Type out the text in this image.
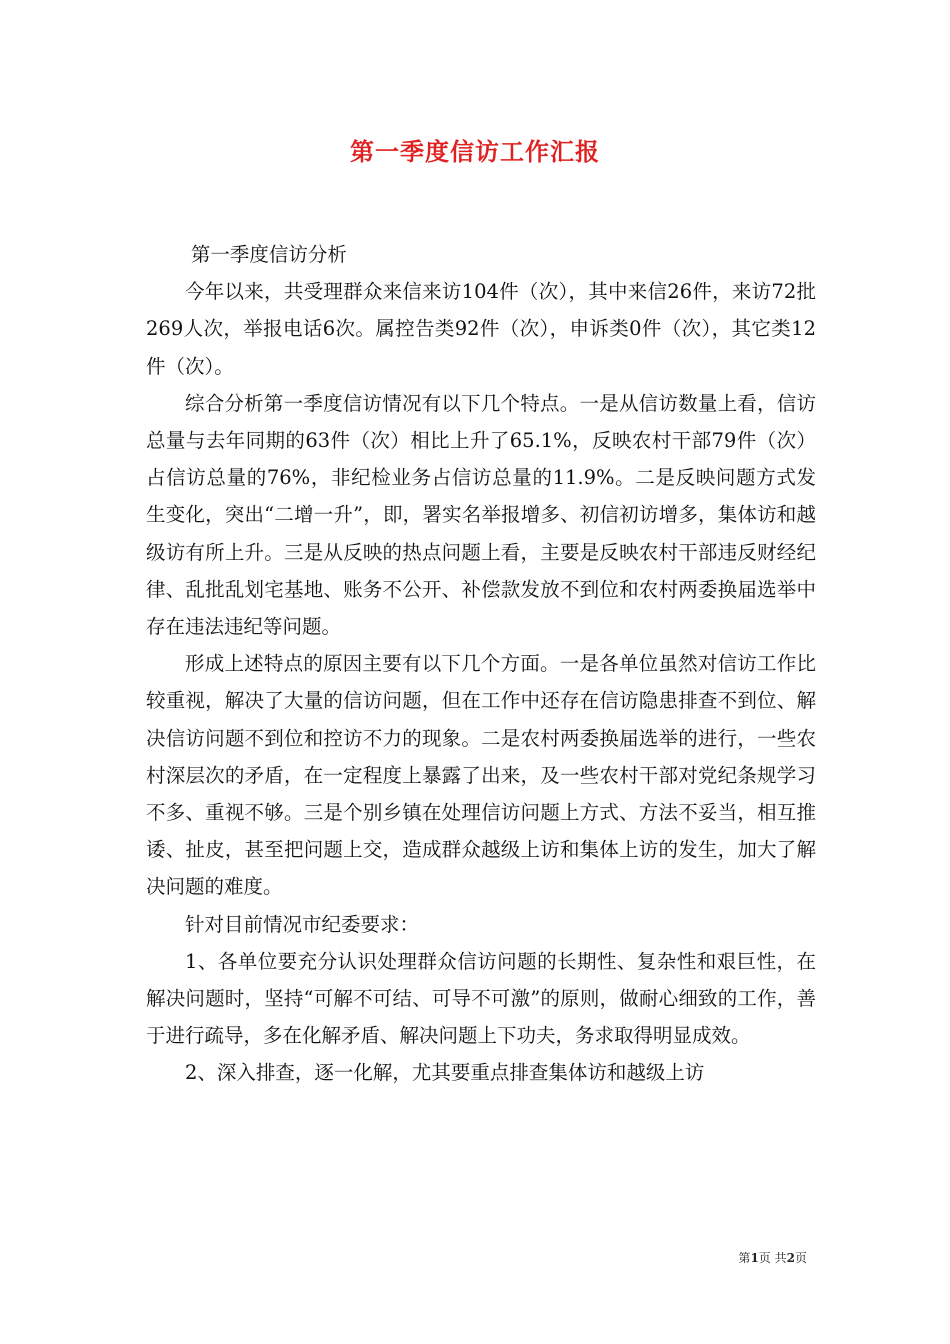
第一季度信访工作汇报

第一季度信访分析

今年以来，共受理群众来信来访104件（次），其中来信26件，来访72批269人次，举报电话6次。属控告类92件（次），申诉类0件（次），其它类12件（次）。

综合分析第一季度信访情况有以下几个特点。一是从信访数量上看，信访总量与去年同期的63件（次）相比上升了65.1%，反映农村干部79件（次）占信访总量的76%，非纪检业务占信访总量的11.9%。二是反映问题方式发生变化，突出“二增一升”，即，署实名举报增多、初信初访增多，集体访和越级访有所上升。三是从反映的热点问题上看，主要是反映农村干部违反财经纪律、乱批乱划宅基地、账务不公开、补偿款发放不到位和农村两委换届选举中存在违法违纪等问题。

形成上述特点的原因主要有以下几个方面。一是各单位虽然对信访工作比较重视，解决了大量的信访问题，但在工作中还存在信访隐患排查不到位、解决信访问题不到位和控访不力的现象。二是农村两委换届选举的进行，一些农村深层次的矛盾，在一定程度上暴露了出来，及一些农村干部对党纪条规学习不多、重视不够。三是个别乡镇在处理信访问题上方式、方法不妥当，相互推诿、扯皮，甚至把问题上交，造成群众越级上访和集体上访的发生，加大了解决问题的难度。

针对目前情况市纪委要求：

1、各单位要充分认识处理群众信访问题的长期性、复杂性和艰巨性，在解决问题时，坚持“可解不可结、可导不可激”的原则，做耐心细致的工作，善于进行疏导，多在化解矛盾、解决问题上下功夫，务求取得明显成效。

2、深入排查，逐一化解，尤其要重点排查集体访和越级上访

第1页 共2页
